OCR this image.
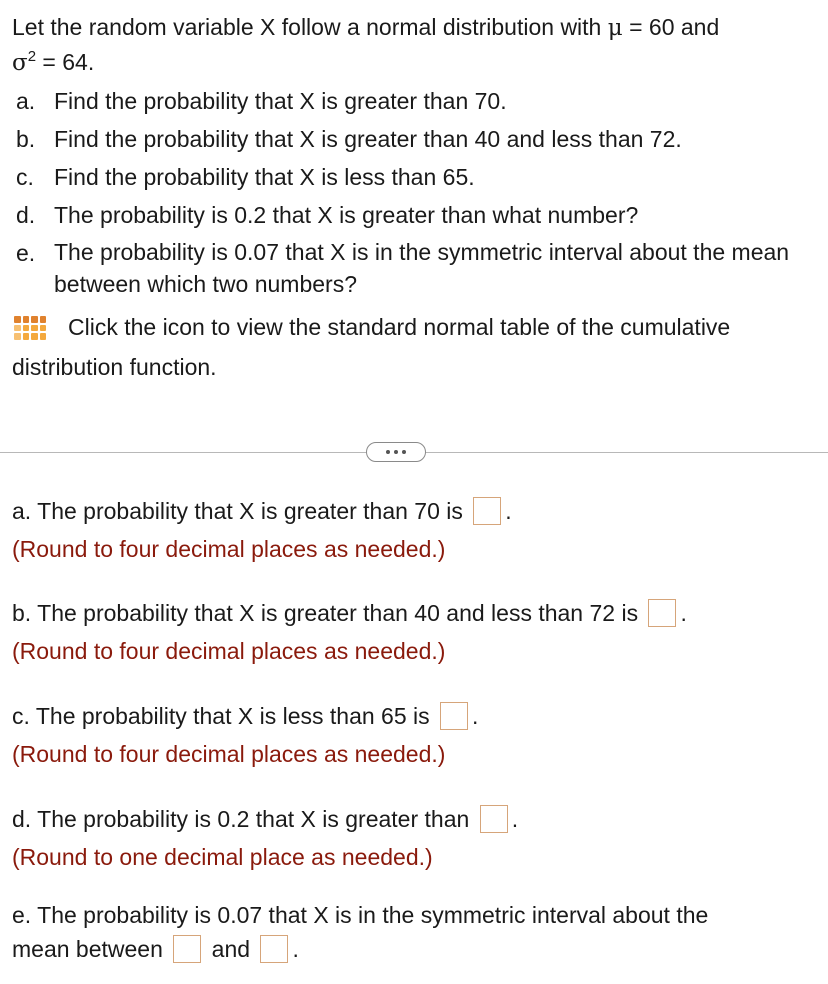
Let the random variable X follow a normal distribution with μ = 60 and
$\sigma^2 = 64$.
a. Find the probability that X is greater than 70.
b. Find the probability that X is greater than 40 and less than 72.
c. Find the probability that X is less than 65.
d. The probability is 0.2 that X is greater than what number?
e. The probability is 0.07 that X is in the symmetric interval about the mean between which two numbers?
Click the icon to view the standard normal table of the cumulative
distribution function.
a. The probability that X is greater than 70 is .
(Round to four decimal places as needed.)
b. The probability that X is greater than 40 and less than 72 is .
(Round to four decimal places as needed.)
c. The probability that X is less than 65 is .
(Round to four decimal places as needed.)
d. The probability is 0.2 that X is greater than .
(Round to one decimal place as needed.)
e. The probability is 0.07 that X is in the symmetric interval about the
mean between and .
